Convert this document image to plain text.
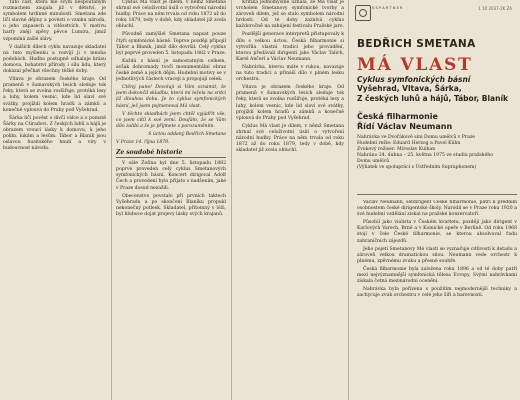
Tato část, která mě svým nespoutaným rozmachem zaujala již v dětství, je symbolem hrdinné minulosti. Smetana zde líčí slavné dějiny a pověsti o vzniku národa, o jeho zápasech a vítězstvích. V motivu harfy znějí zpěvy pěvce Lumíra, jimiž vzpomíná zašlé slávy.

V dalších dílech cyklu navazuje skladatel na tuto myšlenku a rozvíjí ji v mnoha podobách. Hudba postupně odhaluje krásu domova, bohatství přírody i sílu lidu, který dokázal přečkat všechny těžké doby.

Vltava je obrazem českého kraje. Od pramenů v šumavských lesích sleduje tok řeky, která se zvolna rozšiřuje, protéká lesy a luhy, kolem vesnic, kde lid slaví své svátky, projíždí kolem hradů a zámků a konečně vplouvá do Prahy pod Vyšehrad.

Šárka líčí pověst o dívčí válce a o pomstě Šárky na Ctiradovi. Z českých luhů a hájů je obrazem vroucí lásky k domovu, k jeho polím, lukám a lesům. Tábor a Blaník jsou oslavou husitského hnutí a víry v budoucnost národa.

Cyklus Má vlast je dílem, v němž Smetana shrnul své celoživotní úsilí o vytvoření národní hudby. Práce na něm trvala od roku 1872 až do roku 1879, tedy v době, kdy skladatel již zcela ohluchl.

Původně zamýšlel Smetana napsat pouze čtyři symfonické básně. Teprve později připojil Tábor a Blaník, jimiž dílo dovršil. Celý cyklus byl poprvé proveden 5. listopadu 1882 v Praze.

Každá z básní je samostatným celkem, avšak dohromady tvoří monumentální obraz české země a jejích dějin. Hudební motivy se v jednotlivých částech vracejí a propojují celek.

Ctěný pane! Dovoluji si Vám oznámit, že jsem dokončil skladbu, která mi ležela na srdci již dlouhou dobu. Je to cyklus symfonických básní, jež jsem pojmenoval Má vlast.

V těchto skladbách jsem chtěl vyjádřit vše, co jsem cítil k své zemi. Doufám, že se Vám dílo zalíbí a že je přijmete s porozuměním.

S úctou oddaný Bedřich Smetana
V Praze 14. října 1879.
Ze soudobé historie

V sále Žofína byl dne 5. listopadu 1882 poprvé proveden celý cyklus Smetanových symfonických básní. Koncert dirigoval Adolf Čech a provedení bylo přijato s nadšením, jaké v Praze dosud nezažili.

Obecenstvo povstalo při prvních taktech Vyšehradu a po skončení Blaníku propukl nekonečný potlesk. Skladatel, přítomný v lóži, byl hluboce dojat projevy lásky svých krajanů.

Kritika jednomyslně uznala, že Má vlast je vrcholem Smetanovy symfonické tvorby a zároveň dílem, jež se stalo symbolem národní hrdosti. Od té doby zaznívá cyklus každoročně na zahájení festivalu Pražské jaro.

Pozdější generace interpretů přistupovaly k dílu s velkou úctou. Česká filharmonie si vytvořila vlastní tradici jeho provádění, kterou předávali dirigenti jako Václav Talich, Karel Ančerl a Václav Neumann.

Nahrávka, kterou máte v rukou, navazuje na tuto tradici a přináší dílo v plném lesku orchestru.

Vltava je obrazem českého kraje. Od pramenů v šumavských lesích sleduje tok řeky, která se zvolna rozšiřuje, protéká lesy a luhy, kolem vesnic, kde lid slaví své svátky, projíždí kolem hradů a zámků a konečně vplouvá do Prahy pod Vyšehrad.

Cyklus Má vlast je dílem, v němž Smetana shrnul své celoživotní úsilí o vytvoření národní hudby. Práce na něm trvala od roku 1872 až do roku 1879, tedy v době, kdy skladatel již zcela ohluchl.

K S P A R T N E R	1 10 2037-2K ZA
BEDŘICH SMETANA
MÁ VLAST
Cyklus symfonických básní
Vyšehrad, Vltava, Šárka,
Z českých luhů a hájů, Tábor, Blaník
Česká filharmonie
Řídí Václav Neumann
Nahrávka ve Dvořákově síni Domu umělců v Praze
Hudební režie: Eduard Herzog a Pavel Kühn
Zvukový režisér: Miroslav Kulhan
Nahráno 24. dubna – 25. května 1975 ve studiu pražského
Domu umělců
(Výňatek ve spolupráci s Ústředním Supraphonem)

Václav Neumann, šéfdirigent České filharmonie, patří k předním osobnostem české dirigentské školy. Narodil se v Praze roku 1920 a své hudební vzdělání získal na pražské konzervatoři.

Působil jako violista v Českém kvartetu, později jako dirigent v Karlových Varech, Brně a v Komické opeře v Berlíně. Od roku 1968 stojí v čele České filharmonie, se kterou absolvoval řadu zahraničních zájezdů.

Jeho pojetí Smetanovy Mé vlasti se vyznačuje citlivostí k detailu a zároveň velkou dramatickou silou. Neumann vede orchestr k plnému, zpěvnému zvuku a přesné souhře.

Česká filharmonie byla založena roku 1896 a od té doby patří mezi nejvýznamnější symfonická tělesa Evropy. Svými nahrávkami získala četná mezinárodní ocenění.

Nahrávka byla pořízena s použitím nejmodernější techniky a zachycuje zvuk orchestru v celé jeho šíři a barevnosti.
